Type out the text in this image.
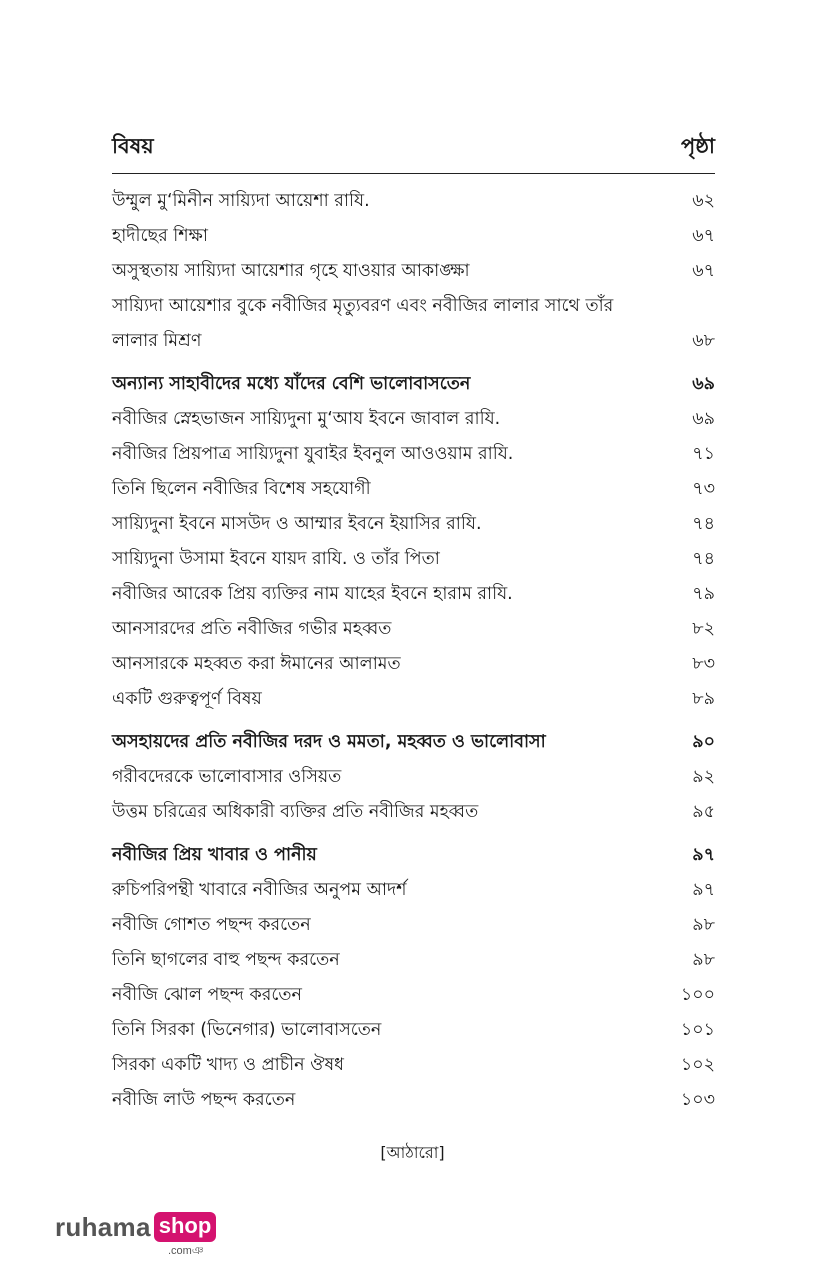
বিষয়	পৃষ্ঠা
উম্মুল মু‘মিনীন সায়্যিদা আয়েশা রাযি.	৬২
হাদীছের শিক্ষা	৬৭
অসুস্থতায় সায়্যিদা আয়েশার গৃহে যাওয়ার আকাঙ্ক্ষা	৬৭
সায়্যিদা আয়েশার বুকে নবীজির মৃত্যুবরণ এবং নবীজির লালার সাথে তাঁর লালার মিশ্রণ	৬৮
অন্যান্য সাহাবীদের মধ্যে যাঁদের বেশি ভালোবাসতেন	৬৯
নবীজির স্নেহভাজন সায়্যিদুনা মু‘আয ইবনে জাবাল রাযি.	৬৯
নবীজির প্রিয়পাত্র সায়্যিদুনা যুবাইর ইবনুল আওওয়াম রাযি.	৭১
তিনি ছিলেন নবীজির বিশেষ সহযোগী	৭৩
সায়্যিদুনা ইবনে মাসউদ ও আম্মার ইবনে ইয়াসির রাযি.	৭৪
সায়্যিদুনা উসামা ইবনে যায়দ রাযি. ও তাঁর পিতা	৭৪
নবীজির আরেক প্রিয় ব্যক্তির নাম যাহের ইবনে হারাম রাযি.	৭৯
আনসারদের প্রতি নবীজির গভীর মহব্বত	৮২
আনসারকে মহব্বত করা ঈমানের আলামত	৮৩
একটি গুরুত্বপূর্ণ বিষয়	৮৯
অসহায়দের প্রতি নবীজির দরদ ও মমতা, মহব্বত ও ভালোবাসা	৯০
গরীবদেরকে ভালোবাসার ওসিয়ত	৯২
উত্তম চরিত্রের অধিকারী ব্যক্তির প্রতি নবীজির মহব্বত	৯৫
নবীজির প্রিয় খাবার ও পানীয়	৯৭
রুচিপরিপন্থী খাবারে নবীজির অনুপম আদর্শ	৯৭
নবীজি গোশত পছন্দ করতেন	৯৮
তিনি ছাগলের বাহু পছন্দ করতেন	৯৮
নবীজি ঝোল পছন্দ করতেন	১০০
তিনি সিরকা (ভিনেগার) ভালোবাসতেন	১০১
সিরকা একটি খাদ্য ও প্রাচীন ঔষধ	১০২
নবীজি লাউ পছন্দ করতেন	১০৩
[আঠারো]
ruhama shop
.comঞ
